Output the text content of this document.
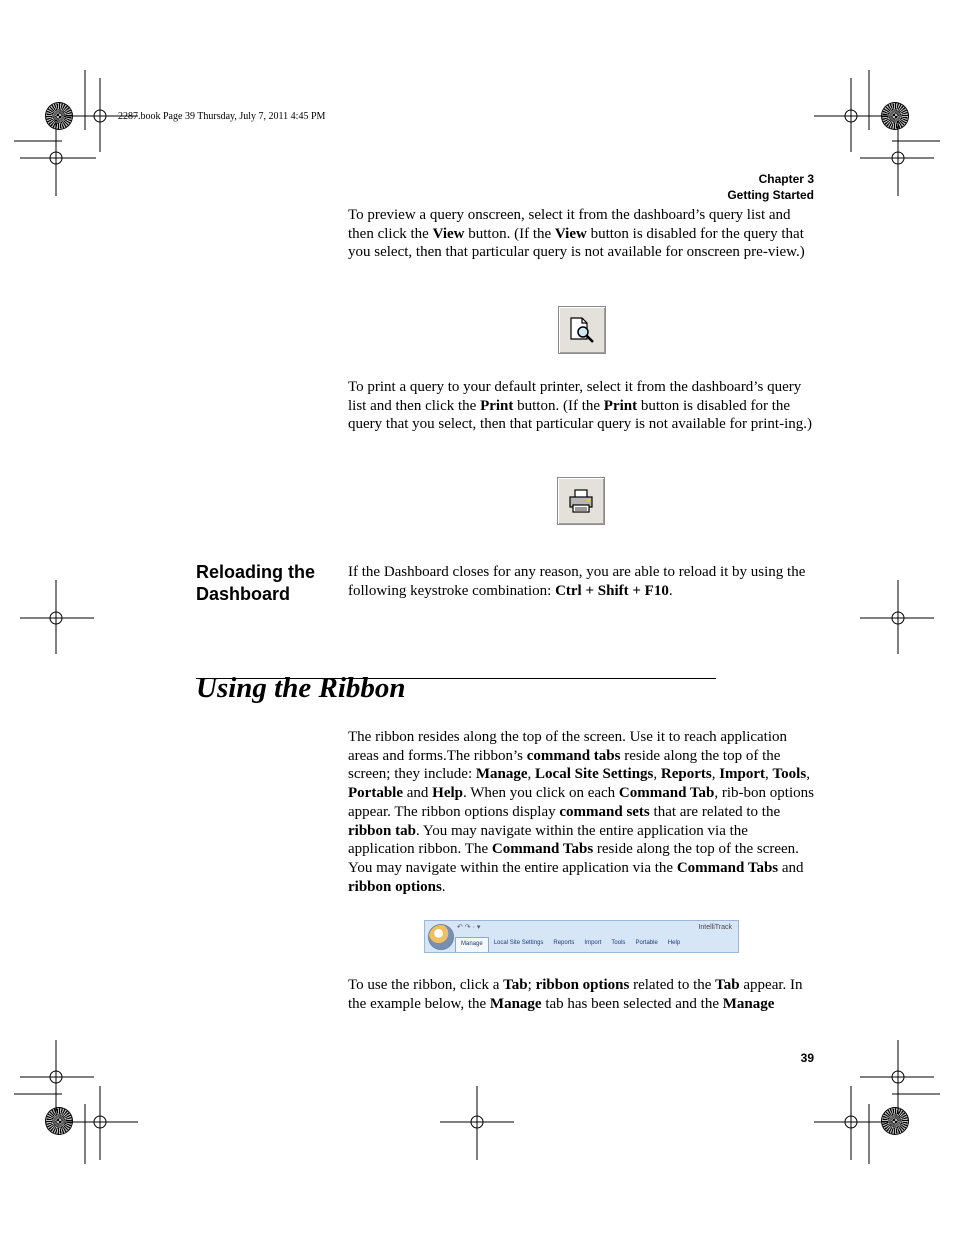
2287.book Page 39 Thursday, July 7, 2011 4:45 PM
Chapter 3
Getting Started

To preview a query onscreen, select it from the dashboard’s query list and then click the View button. (If the View button is disabled for the query that you select, then that particular query is not available for onscreen pre-view.)

To print a query to your default printer, select it from the dashboard’s query list and then click the Print button. (If the Print button is disabled for the query that you select, then that particular query is not available for print-ing.)

Reloading the Dashboard

If the Dashboard closes for any reason, you are able to reload it by using the following keystroke combination: Ctrl + Shift + F10.

Using the Ribbon

The ribbon resides along the top of the screen. Use it to reach application areas and forms.The ribbon’s command tabs reside along the top of the screen; they include: Manage, Local Site Settings, Reports, Import, Tools, Portable and Help. When you click on each Command Tab, rib-bon options appear. The ribbon options display command sets that are related to the ribbon tab. You may navigate within the entire application via the application ribbon. The Command Tabs reside along the top of the screen. You may navigate within the entire application via the Command Tabs and ribbon options.

↶ ↷ · ▾	IntelliTrack
Manage	Local Site Settings	Reports	Import	Tools	Portable	Help

To use the ribbon, click a Tab; ribbon options related to the Tab appear. In the example below, the Manage tab has been selected and the Manage

39
